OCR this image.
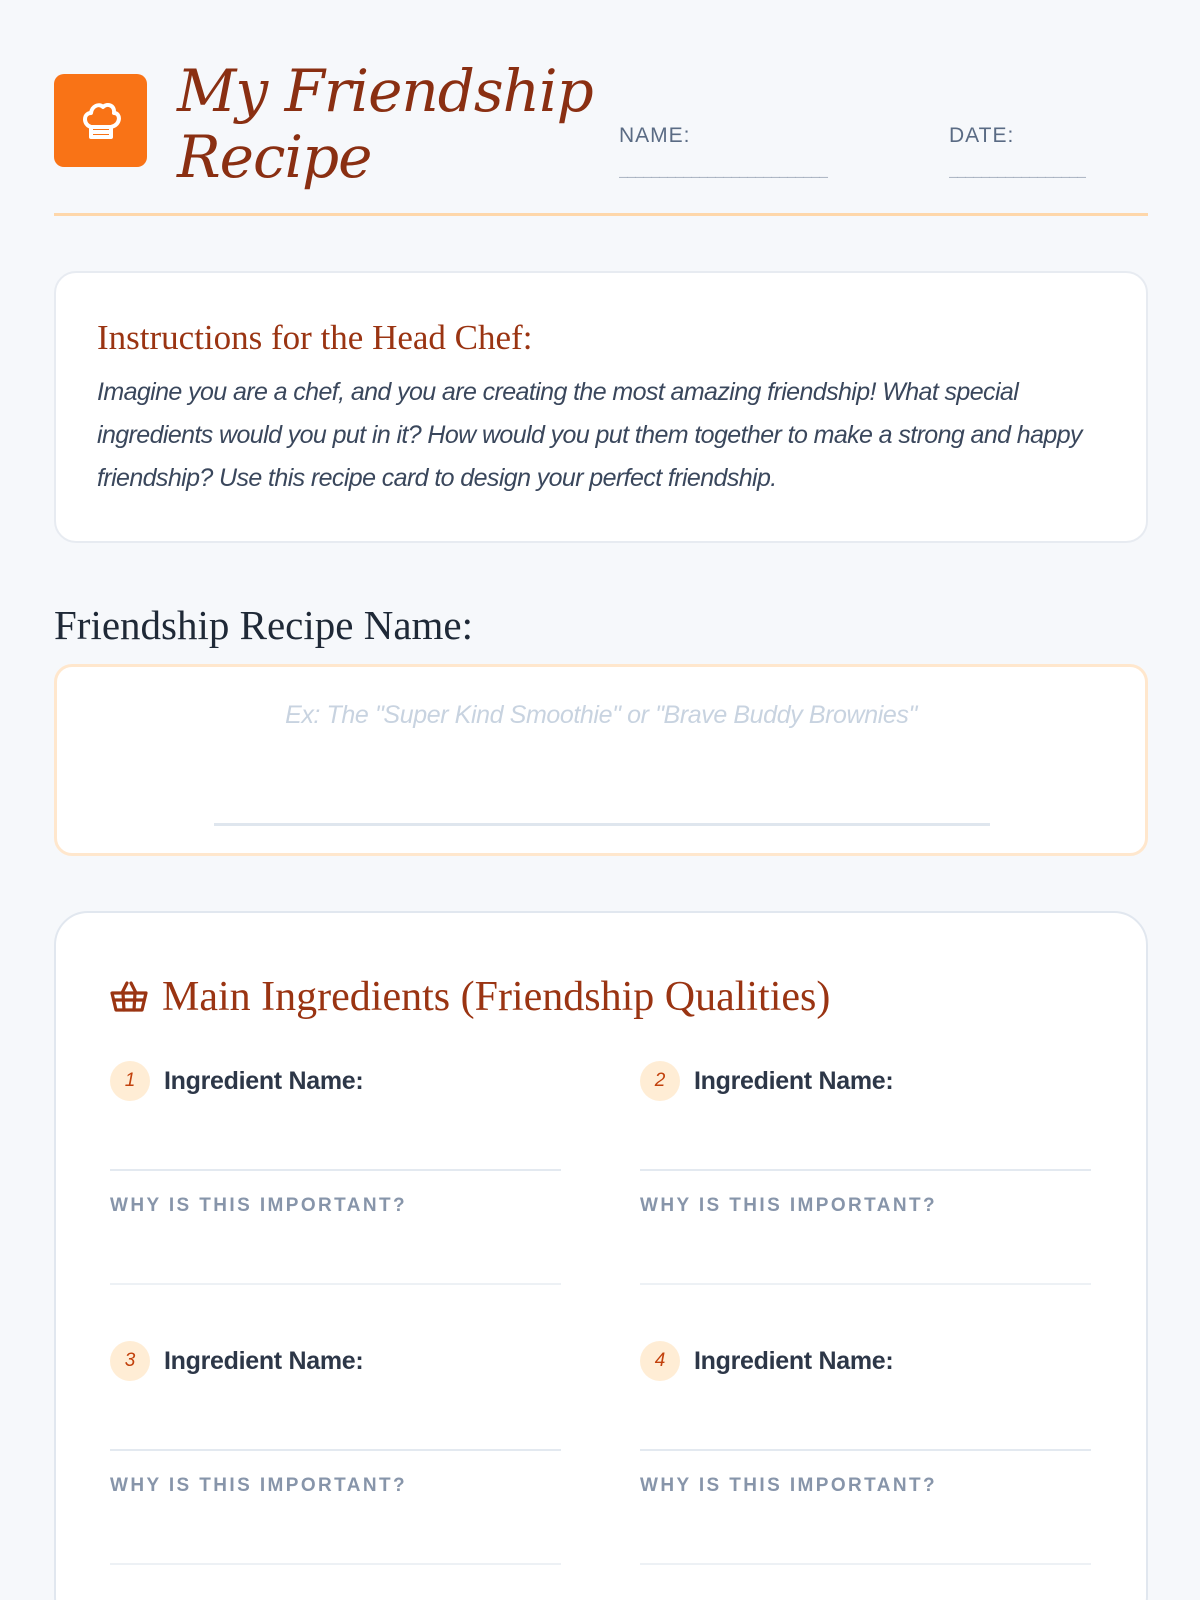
My Friendship
Recipe	NAME:
__________________________
DATE:
_________________
Instructions for the Head Chef:
Imagine you are a chef, and you are creating the most amazing friendship! What special ingredients would you put in it? How would you put them together to make a strong and happy friendship? Use this recipe card to design your perfect friendship.
Friendship Recipe Name:
Ex: The "Super Kind Smoothie" or "Brave Buddy Brownies"
Main Ingredients (Friendship Qualities)
1	Ingredient Name:
WHY IS THIS IMPORTANT?
2	Ingredient Name:
WHY IS THIS IMPORTANT?
3	Ingredient Name:
WHY IS THIS IMPORTANT?
4	Ingredient Name:
WHY IS THIS IMPORTANT?
